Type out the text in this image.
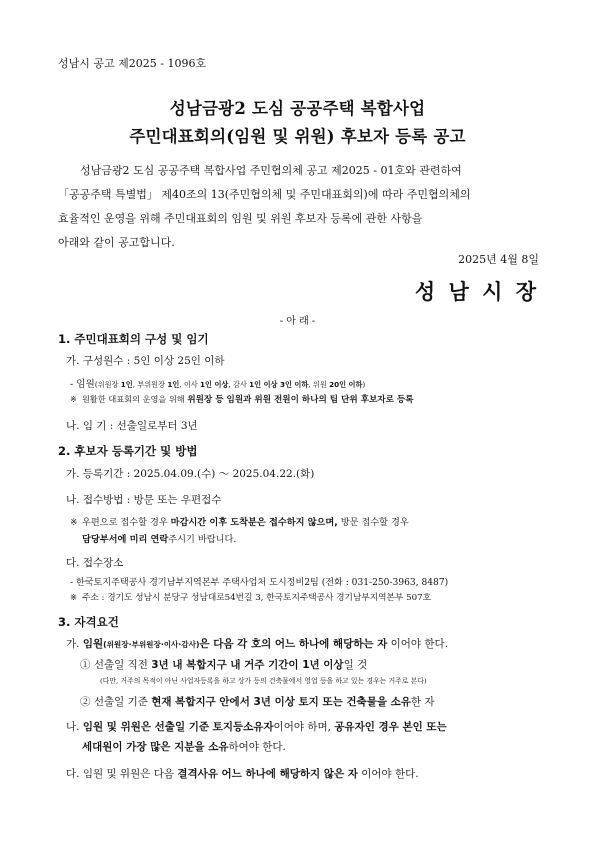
성남시 공고 제2025 - 1096호
성남금광2 도심 공공주택 복합사업
주민대표회의(임원 및 위원) 후보자 등록 공고
성남금광2 도심 공공주택 복합사업 주민협의체 공고 제2025 - 01호와 관련하여
「공공주택 특별법」 제40조의 13(주민협의체 및 주민대표회의)에 따라 주민협의체의
효율적인 운영을 위해 주민대표회의 임원 및 위원 후보자 등록에 관한 사항을
아래와 같이 공고합니다.
2025년 4월 8일
성 남 시 장
- 아 래 -
1. 주민대표회의 구성 및 임기
가. 구성원수 : 5인 이상 25인 이하
- 임원(위원장 1인, 부위원장 1인, 이사 1인 이상, 감사 1인 이상 3인 이하, 위원 20인 이하)
※ 원활한 대표회의 운영을 위해 위원장 등 임원과 위원 전원이 하나의 팀 단위 후보자로 등록
나. 임 기 : 선출일로부터 3년
2. 후보자 등록기간 및 방법
가. 등록기간 : 2025.04.09.(수) ～ 2025.04.22.(화)
나. 접수방법 : 방문 또는 우편접수
※ 우편으로 접수할 경우 마감시간 이후 도착분은 접수하지 않으며, 방문 접수할 경우
담당부서에 미리 연락주시기 바랍니다.
다. 접수장소
- 한국토지주택공사 경기남부지역본부 주택사업처 도시정비2팀 (전화 : 031-250-3963, 8487)
※ 주소 : 경기도 성남시 분당구 성남대로54번길 3, 한국토지주택공사 경기남부지역본부 507호
3. 자격요건
가. 임원(위원장·부위원장·이사·감사)은 다음 각 호의 어느 하나에 해당하는 자 이어야 한다.
① 선출일 직전 3년 내 복합지구 내 거주 기간이 1년 이상일 것
(다만, 거주의 목적이 아닌 사업자등록을 하고 상가 등의 건축물에서 영업 등을 하고 있는 경우는 거주로 본다)
② 선출일 기준 현재 복합지구 안에서 3년 이상 토지 또는 건축물을 소유한 자
나. 임원 및 위원은 선출일 기준 토지등소유자이어야 하며, 공유자인 경우 본인 또는
세대원이 가장 많은 지분을 소유하여야 한다.
다. 임원 및 위원은 다음 결격사유 어느 하나에 해당하지 않은 자 이어야 한다.
